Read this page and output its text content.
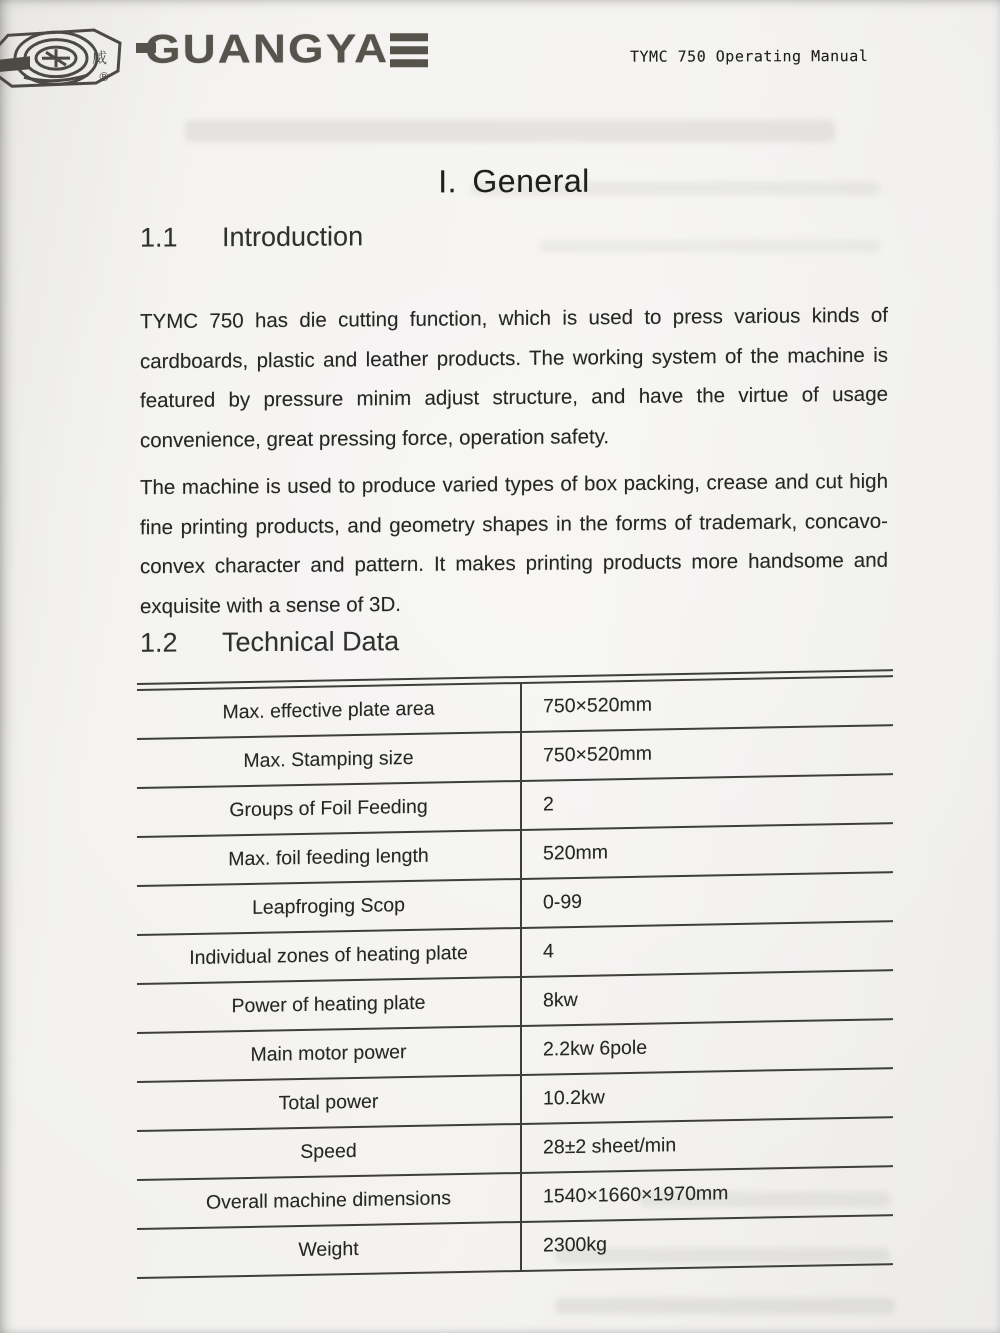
威
®
GUANGYA	TYMC 750 Operating Manual
I. General
1.1	Introduction

TYMC 750 has die cutting function, which is used to press various kinds of cardboards, plastic and leather products. The working system of the machine is featured by pressure minim adjust structure, and have the virtue of usage convenience, great pressing force, operation safety.

The machine is used to produce varied types of box packing, crease and cut high fine printing products, and geometry shapes in the forms of trademark, concavo-convex character and pattern. It makes printing products more handsome and exquisite with a sense of 3D.

1.2	Technical Data
Max. effective plate area	750×520mm
Max. Stamping size	750×520mm
Groups of Foil Feeding	2
Max. foil feeding length	520mm
Leapfroging Scop	0-99
Individual zones of heating plate	4
Power of heating plate	8kw
Main motor power	2.2kw 6pole
Total power	10.2kw
Speed	28±2 sheet/min
Overall machine dimensions	1540×1660×1970mm
Weight	2300kg
